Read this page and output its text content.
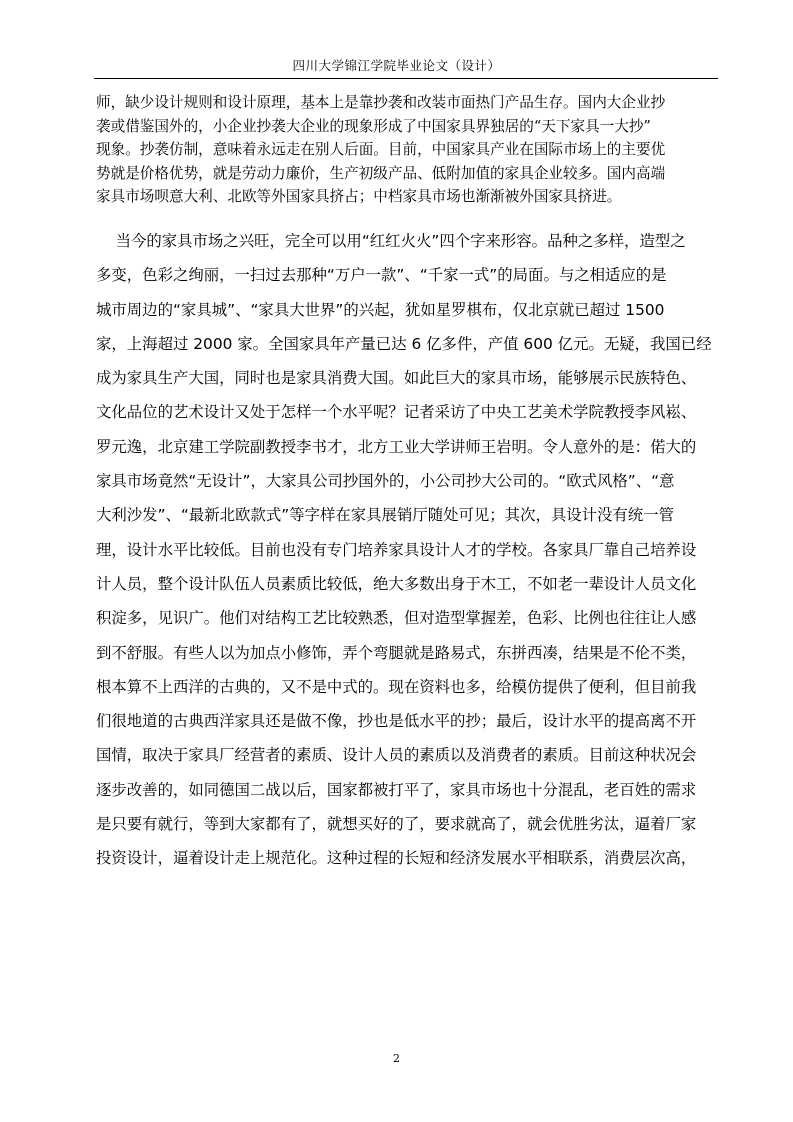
四川大学锦江学院毕业论文（设计）
师，缺少设计规则和设计原理，基本上是靠抄袭和改装市面热门产品生存。国内大企业抄
袭或借鉴国外的，小企业抄袭大企业的现象形成了中国家具界独居的“天下家具一大抄”
现象。抄袭仿制，意味着永远走在别人后面。目前，中国家具产业在国际市场上的主要优
势就是价格优势，就是劳动力廉价，生产初级产品、低附加值的家具企业较多。国内高端
家具市场呗意大利、北欧等外国家具挤占；中档家具市场也渐渐被外国家具挤进。
当今的家具市场之兴旺，完全可以用“红红火火”四个字来形容。品种之多样，造型之
多变，色彩之绚丽，一扫过去那种“万户一款”、“千家一式”的局面。与之相适应的是
城市周边的“家具城”、“家具大世界”的兴起，犹如星罗棋布，仅北京就已超过 1500
家，上海超过 2000 家。全国家具年产量已达 6 亿多件，产值 600 亿元。无疑，我国已经
成为家具生产大国，同时也是家具消费大国。如此巨大的家具市场，能够展示民族特色、
文化品位的艺术设计又处于怎样一个水平呢？记者采访了中央工艺美术学院教授李风崧、
罗元逸，北京建工学院副教授李书才，北方工业大学讲师王岩明。令人意外的是：偌大的
家具市场竟然“无设计”，大家具公司抄国外的，小公司抄大公司的。“欧式风格”、“意
大利沙发”、“最新北欧款式”等字样在家具展销厅随处可见；其次，具设计没有统一管
理，设计水平比较低。目前也没有专门培养家具设计人才的学校。各家具厂靠自己培养设
计人员，整个设计队伍人员素质比较低，绝大多数出身于木工，不如老一辈设计人员文化
积淀多，见识广。他们对结构工艺比较熟悉，但对造型掌握差，色彩、比例也往往让人感
到不舒服。有些人以为加点小修饰，弄个弯腿就是路易式，东拼西凑，结果是不伦不类，
根本算不上西洋的古典的，又不是中式的。现在资料也多，给模仿提供了便利，但目前我
们很地道的古典西洋家具还是做不像，抄也是低水平的抄；最后，设计水平的提高离不开
国情，取决于家具厂经营者的素质、设计人员的素质以及消费者的素质。目前这种状况会
逐步改善的，如同德国二战以后，国家都被打平了，家具市场也十分混乱，老百姓的需求
是只要有就行，等到大家都有了，就想买好的了，要求就高了，就会优胜劣汰，逼着厂家
投资设计，逼着设计走上规范化。这种过程的长短和经济发展水平相联系，消费层次高，
2
